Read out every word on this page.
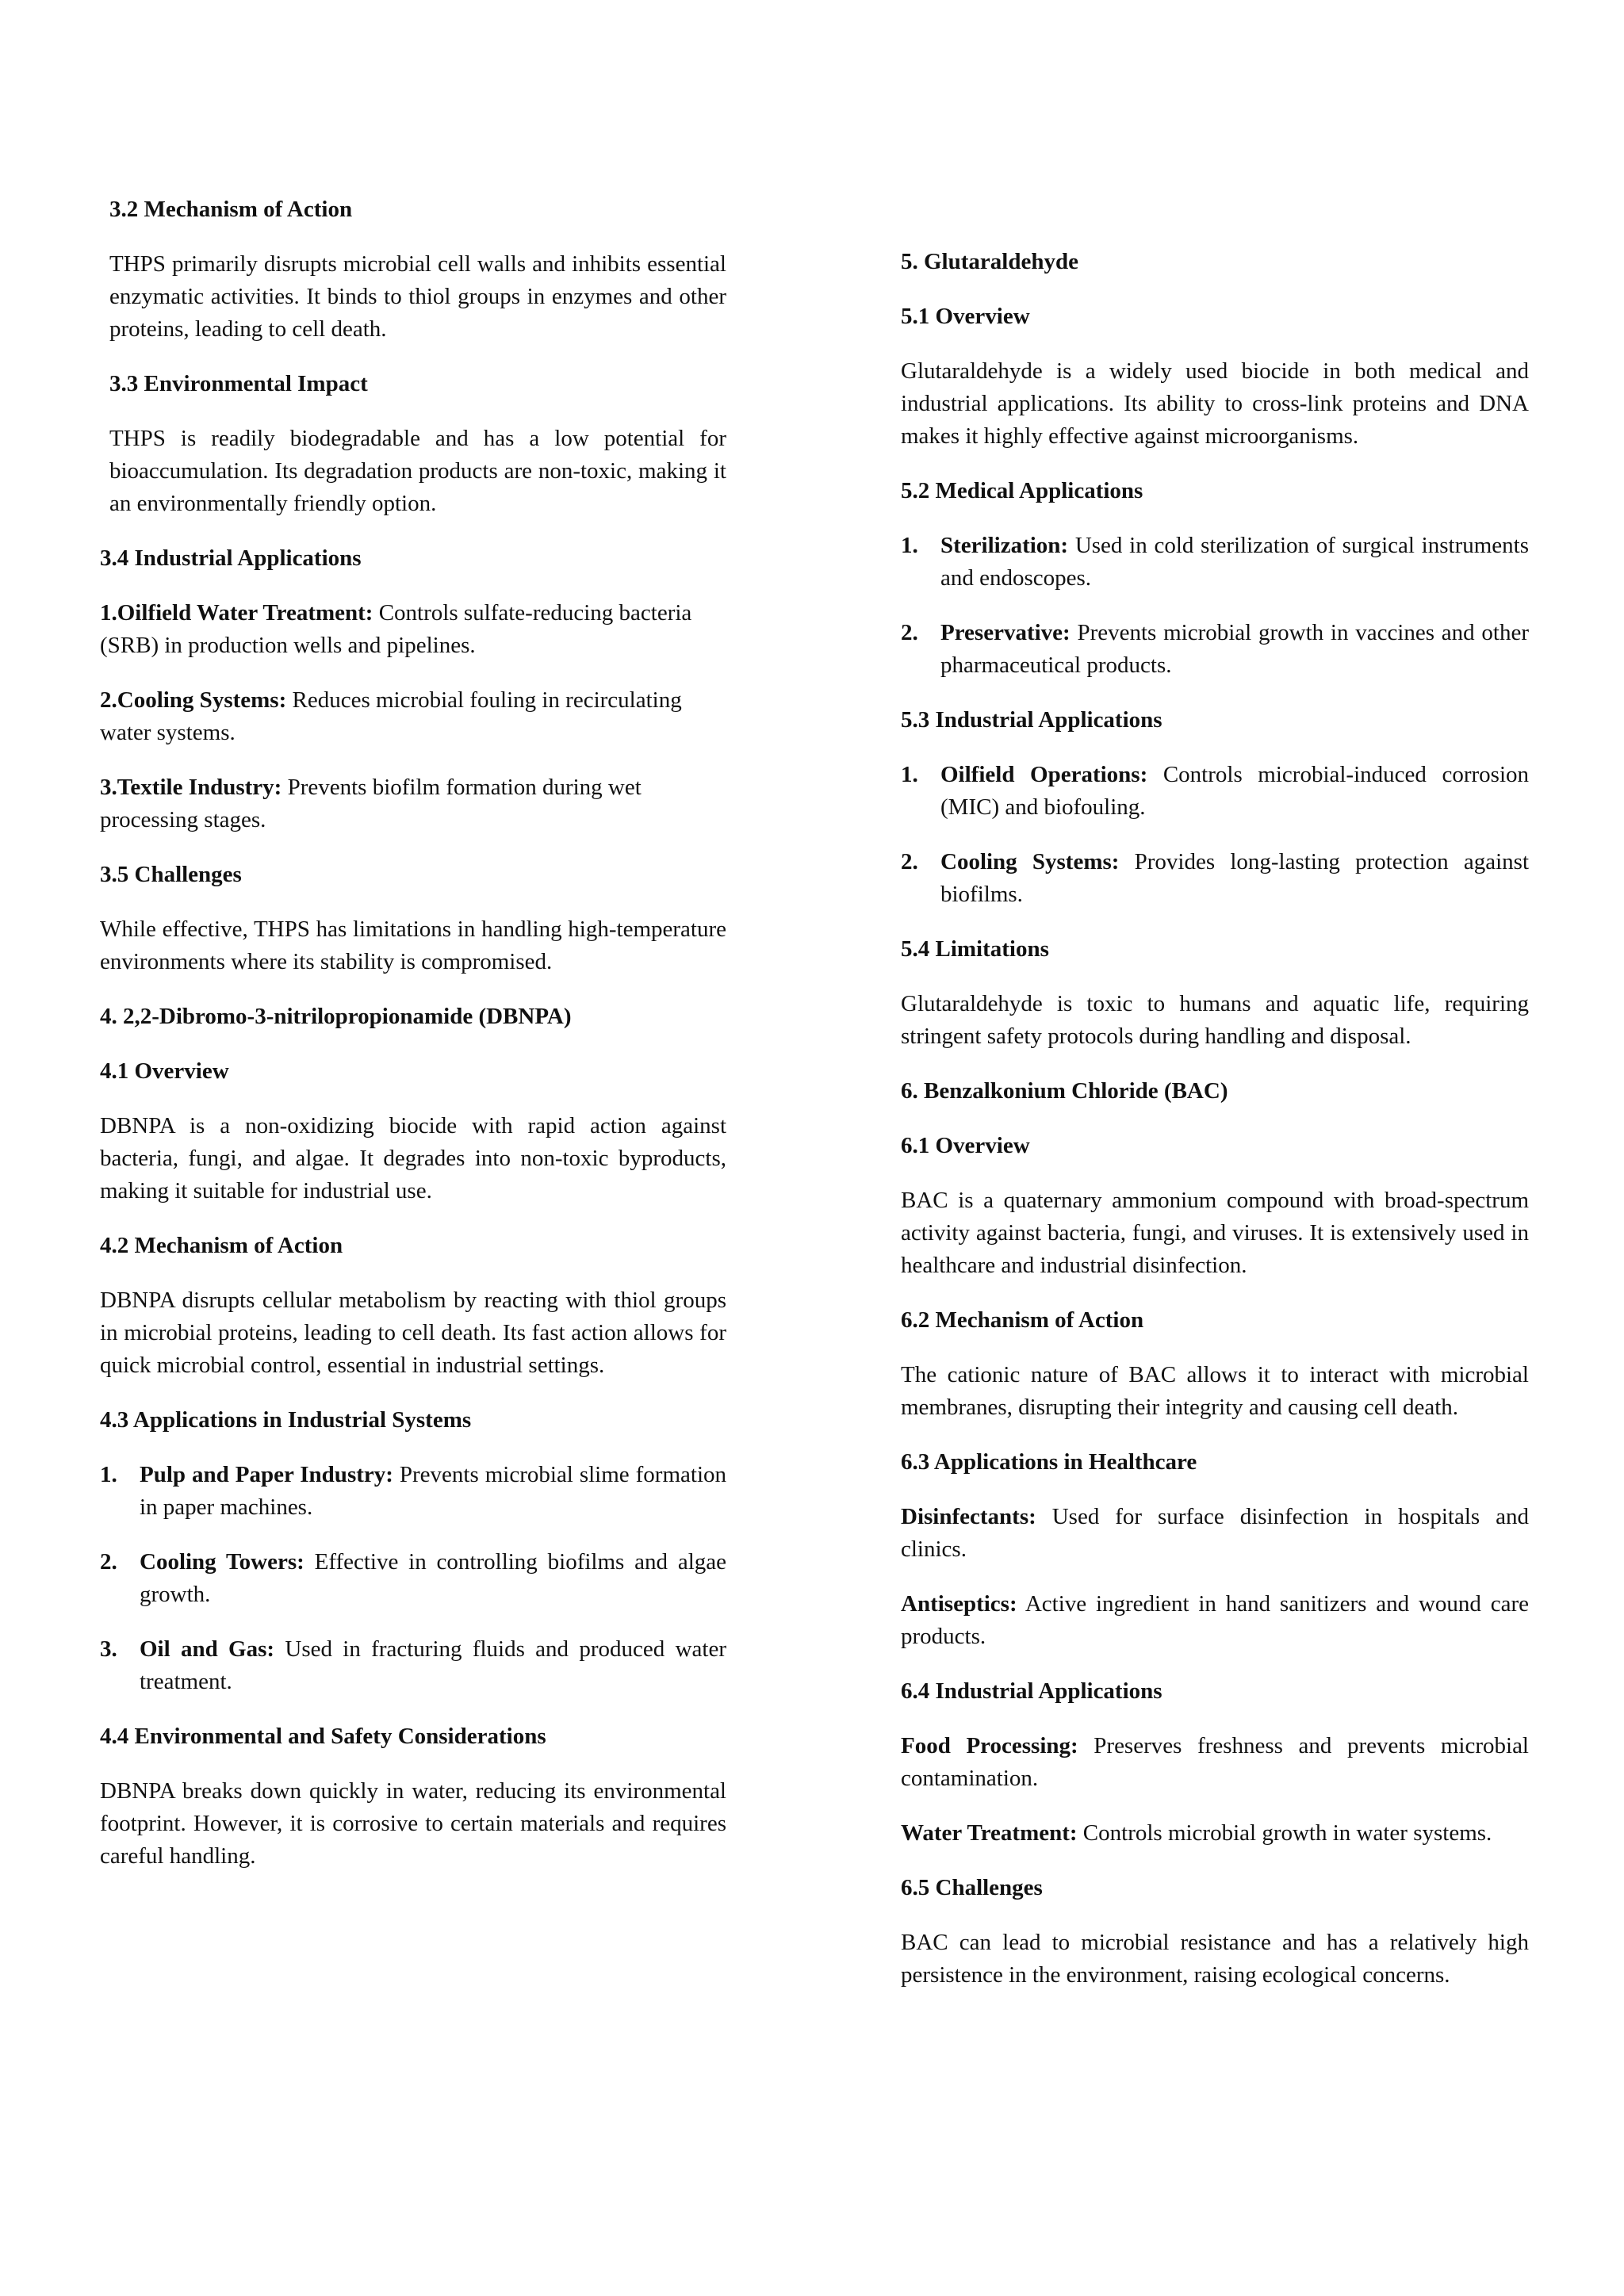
3.2 Mechanism of Action
THPS primarily disrupts microbial cell walls and inhibits essential enzymatic activities. It binds to thiol groups in enzymes and other proteins, leading to cell death.
3.3 Environmental Impact
THPS is readily biodegradable and has a low potential for bioaccumulation. Its degradation products are non-toxic, making it an environmentally friendly option.
3.4 Industrial Applications
1.Oilfield Water Treatment: Controls sulfate-reducing bacteria (SRB) in production wells and pipelines.
2.Cooling Systems: Reduces microbial fouling in recirculating water systems.
3.Textile Industry: Prevents biofilm formation during wet processing stages.
3.5 Challenges
While effective, THPS has limitations in handling high-temperature environments where its stability is compromised.
4. 2,2-Dibromo-3-nitrilopropionamide (DBNPA)
4.1 Overview
DBNPA is a non-oxidizing biocide with rapid action against bacteria, fungi, and algae. It degrades into non-toxic byproducts, making it suitable for industrial use.
4.2 Mechanism of Action
DBNPA disrupts cellular metabolism by reacting with thiol groups in microbial proteins, leading to cell death. Its fast action allows for quick microbial control, essential in industrial settings.
4.3 Applications in Industrial Systems
1. Pulp and Paper Industry: Prevents microbial slime formation in paper machines.
2. Cooling Towers: Effective in controlling biofilms and algae growth.
3. Oil and Gas: Used in fracturing fluids and produced water treatment.
4.4 Environmental and Safety Considerations
DBNPA breaks down quickly in water, reducing its environmental footprint. However, it is corrosive to certain materials and requires careful handling.
5. Glutaraldehyde
5.1 Overview
Glutaraldehyde is a widely used biocide in both medical and industrial applications. Its ability to cross-link proteins and DNA makes it highly effective against microorganisms.
5.2 Medical Applications
1. Sterilization: Used in cold sterilization of surgical instruments and endoscopes.
2. Preservative: Prevents microbial growth in vaccines and other pharmaceutical products.
5.3 Industrial Applications
1. Oilfield Operations: Controls microbial-induced corrosion (MIC) and biofouling.
2. Cooling Systems: Provides long-lasting protection against biofilms.
5.4 Limitations
Glutaraldehyde is toxic to humans and aquatic life, requiring stringent safety protocols during handling and disposal.
6. Benzalkonium Chloride (BAC)
6.1 Overview
BAC is a quaternary ammonium compound with broad-spectrum activity against bacteria, fungi, and viruses. It is extensively used in healthcare and industrial disinfection.
6.2 Mechanism of Action
The cationic nature of BAC allows it to interact with microbial membranes, disrupting their integrity and causing cell death.
6.3 Applications in Healthcare
Disinfectants: Used for surface disinfection in hospitals and clinics.
Antiseptics: Active ingredient in hand sanitizers and wound care products.
6.4 Industrial Applications
Food Processing: Preserves freshness and prevents microbial contamination.
Water Treatment: Controls microbial growth in water systems.
6.5 Challenges
BAC can lead to microbial resistance and has a relatively high persistence in the environment, raising ecological concerns.
